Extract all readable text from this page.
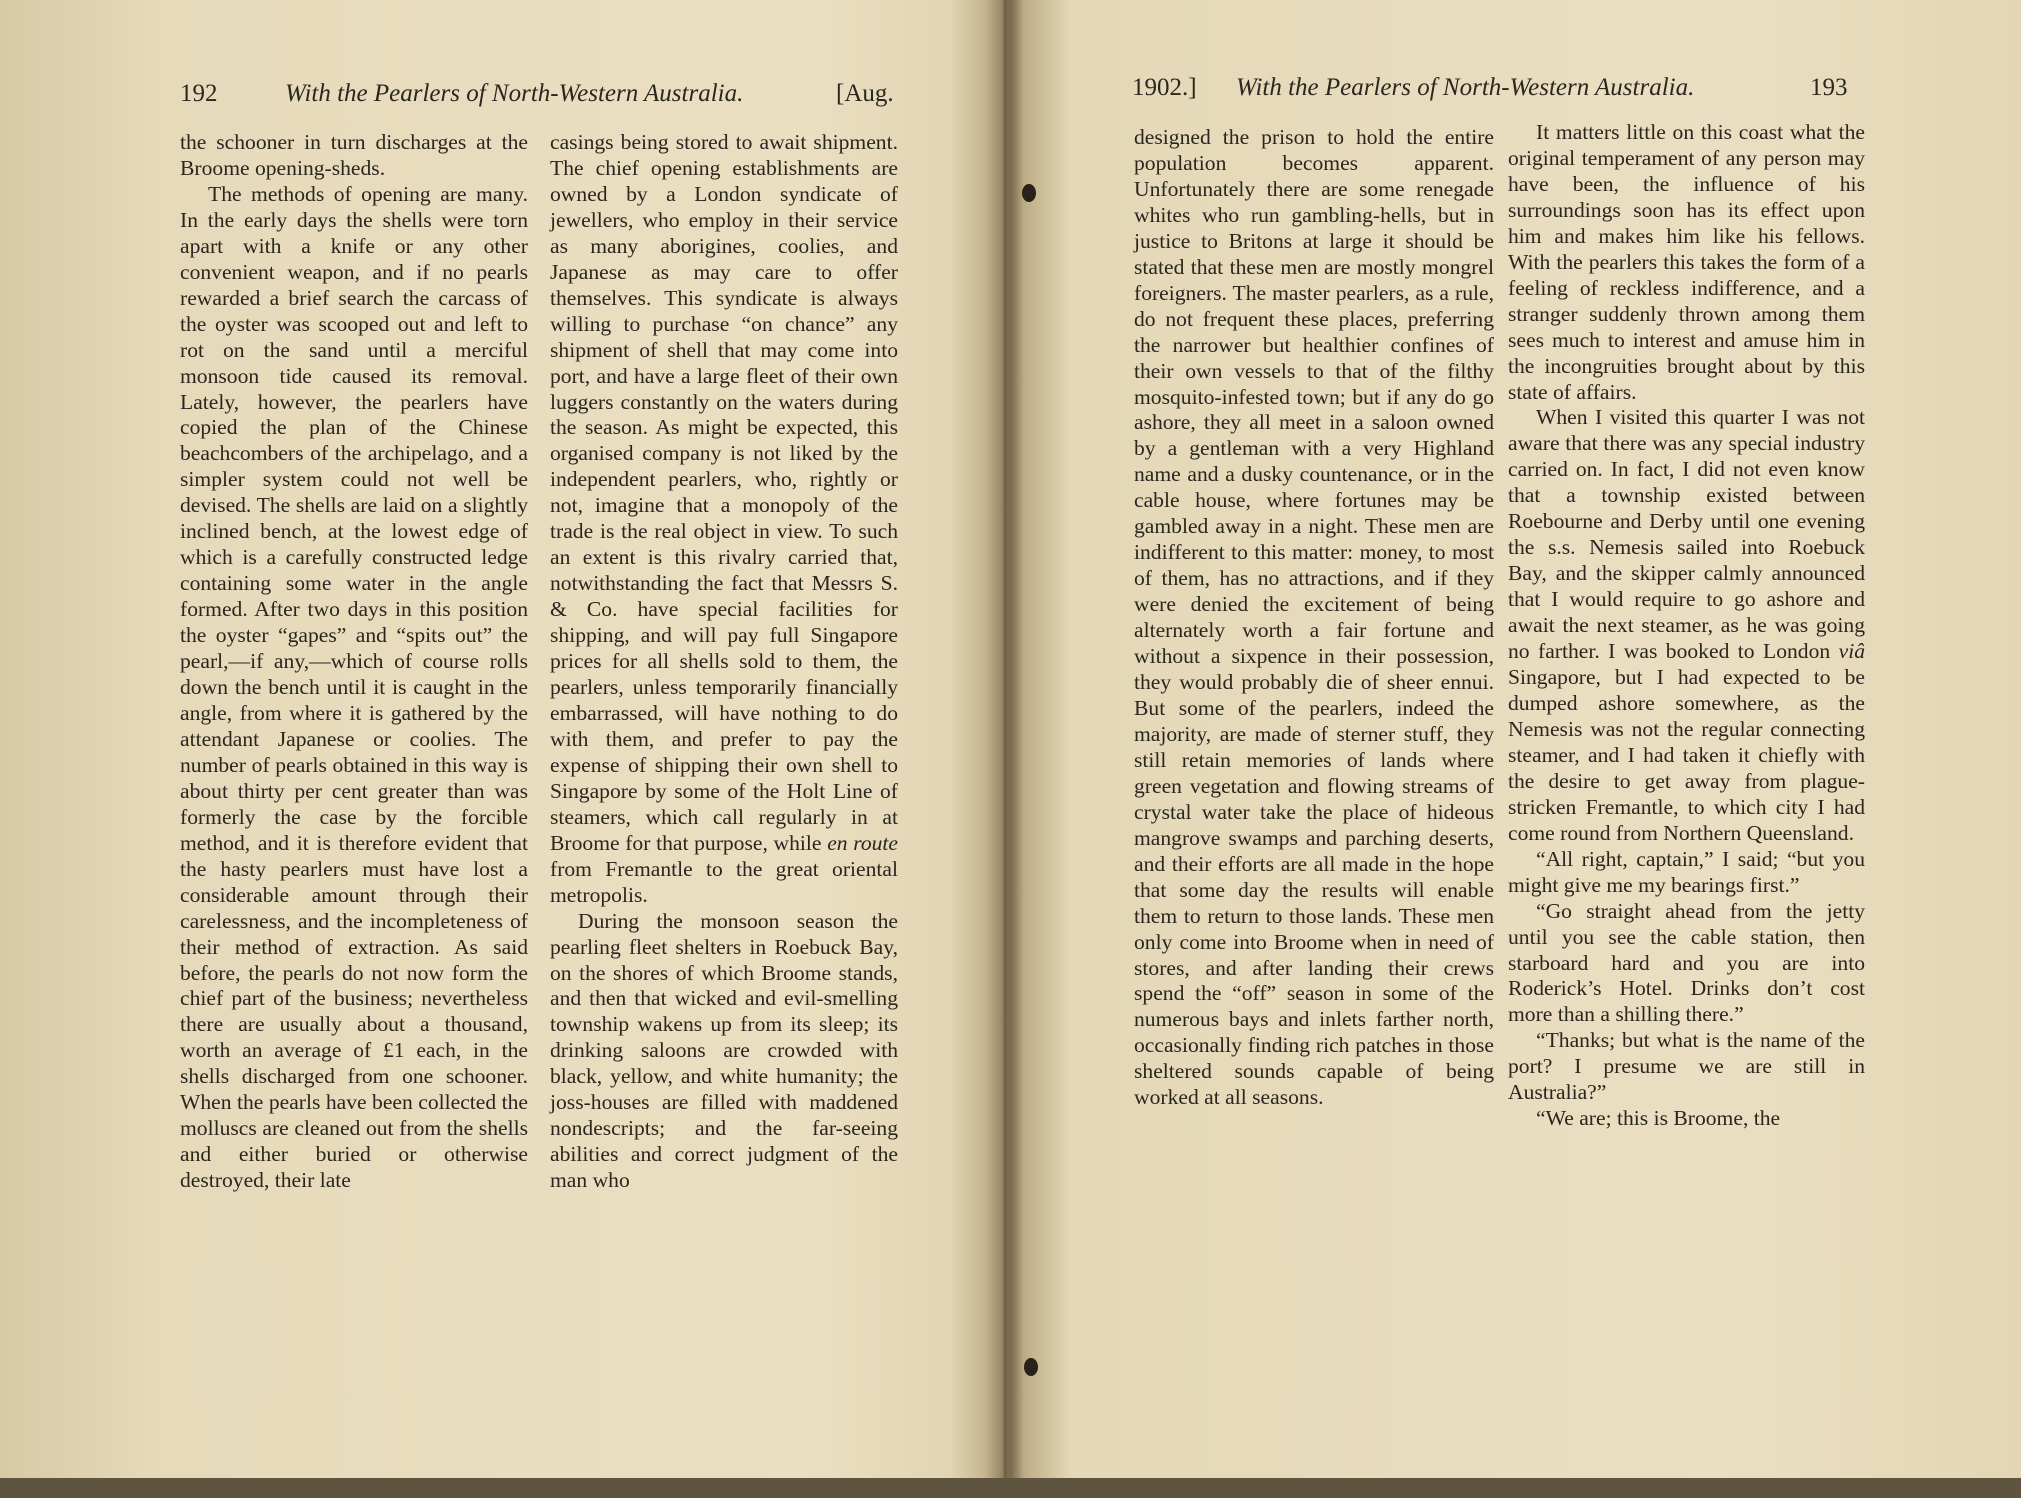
192	With the Pearlers of North-Western Australia.	[Aug.

the schooner in turn discharges at the Broome opening-sheds.

The methods of opening are many. In the early days the shells were torn apart with a knife or any other convenient weapon, and if no pearls rewarded a brief search the carcass of the oyster was scooped out and left to rot on the sand until a merciful monsoon tide caused its removal. Lately, however, the pearlers have copied the plan of the Chinese beachcombers of the archipelago, and a simpler system could not well be devised. The shells are laid on a slightly inclined bench, at the lowest edge of which is a carefully constructed ledge containing some water in the angle formed. After two days in this position the oyster “gapes” and “spits out” the pearl,—if any,—which of course rolls down the bench until it is caught in the angle, from where it is gathered by the attendant Japanese or coolies. The number of pearls obtained in this way is about thirty per cent greater than was formerly the case by the forcible method, and it is therefore evident that the hasty pearlers must have lost a considerable amount through their carelessness, and the incompleteness of their method of extraction. As said before, the pearls do not now form the chief part of the business; nevertheless there are usually about a thousand, worth an average of £1 each, in the shells discharged from one schooner. When the pearls have been collected the molluscs are cleaned out from the shells and either buried or otherwise destroyed, their late

casings being stored to await shipment. The chief opening establishments are owned by a London syndicate of jewellers, who employ in their service as many aborigines, coolies, and Japanese as may care to offer themselves. This syndicate is always willing to purchase “on chance” any shipment of shell that may come into port, and have a large fleet of their own luggers constantly on the waters during the season. As might be expected, this organised company is not liked by the independent pearlers, who, rightly or not, imagine that a monopoly of the trade is the real object in view. To such an extent is this rivalry carried that, notwithstanding the fact that Messrs S. & Co. have special facilities for shipping, and will pay full Singapore prices for all shells sold to them, the pearlers, unless temporarily financially embarrassed, will have nothing to do with them, and prefer to pay the expense of shipping their own shell to Singapore by some of the Holt Line of steamers, which call regularly in at Broome for that purpose, while en route from Fremantle to the great oriental metropolis.

During the monsoon season the pearling fleet shelters in Roebuck Bay, on the shores of which Broome stands, and then that wicked and evil-smelling township wakens up from its sleep; its drinking saloons are crowded with black, yellow, and white humanity; the joss-houses are filled with maddened nondescripts; and the far-seeing abilities and correct judgment of the man who

1902.] With the Pearlers of North-Western Australia.	193

designed the prison to hold the entire population becomes apparent. Unfortunately there are some renegade whites who run gambling-hells, but in justice to Britons at large it should be stated that these men are mostly mongrel foreigners. The master pearlers, as a rule, do not frequent these places, preferring the narrower but healthier confines of their own vessels to that of the filthy mosquito-infested town; but if any do go ashore, they all meet in a saloon owned by a gentleman with a very Highland name and a dusky countenance, or in the cable house, where fortunes may be gambled away in a night. These men are indifferent to this matter: money, to most of them, has no attractions, and if they were denied the excitement of being alternately worth a fair fortune and without a sixpence in their possession, they would probably die of sheer ennui. But some of the pearlers, indeed the majority, are made of sterner stuff, they still retain memories of lands where green vegetation and flowing streams of crystal water take the place of hideous mangrove swamps and parching deserts, and their efforts are all made in the hope that some day the results will enable them to return to those lands. These men only come into Broome when in need of stores, and after landing their crews spend the “off” season in some of the numerous bays and inlets farther north, occasionally finding rich patches in those sheltered sounds capable of being worked at all seasons.

It matters little on this coast what the original temperament of any person may have been, the influence of his surroundings soon has its effect upon him and makes him like his fellows. With the pearlers this takes the form of a feeling of reckless indifference, and a stranger suddenly thrown among them sees much to interest and amuse him in the incongruities brought about by this state of affairs.

When I visited this quarter I was not aware that there was any special industry carried on. In fact, I did not even know that a township existed between Roebourne and Derby until one evening the s.s. Nemesis sailed into Roebuck Bay, and the skipper calmly announced that I would require to go ashore and await the next steamer, as he was going no farther. I was booked to London viâ Singapore, but I had expected to be dumped ashore somewhere, as the Nemesis was not the regular connecting steamer, and I had taken it chiefly with the desire to get away from plague-stricken Fremantle, to which city I had come round from Northern Queensland.

“All right, captain,” I said; “but you might give me my bearings first.”

“Go straight ahead from the jetty until you see the cable station, then starboard hard and you are into Roderick’s Hotel. Drinks don’t cost more than a shilling there.”

“Thanks; but what is the name of the port? I presume we are still in Australia?”

“We are; this is Broome, the
